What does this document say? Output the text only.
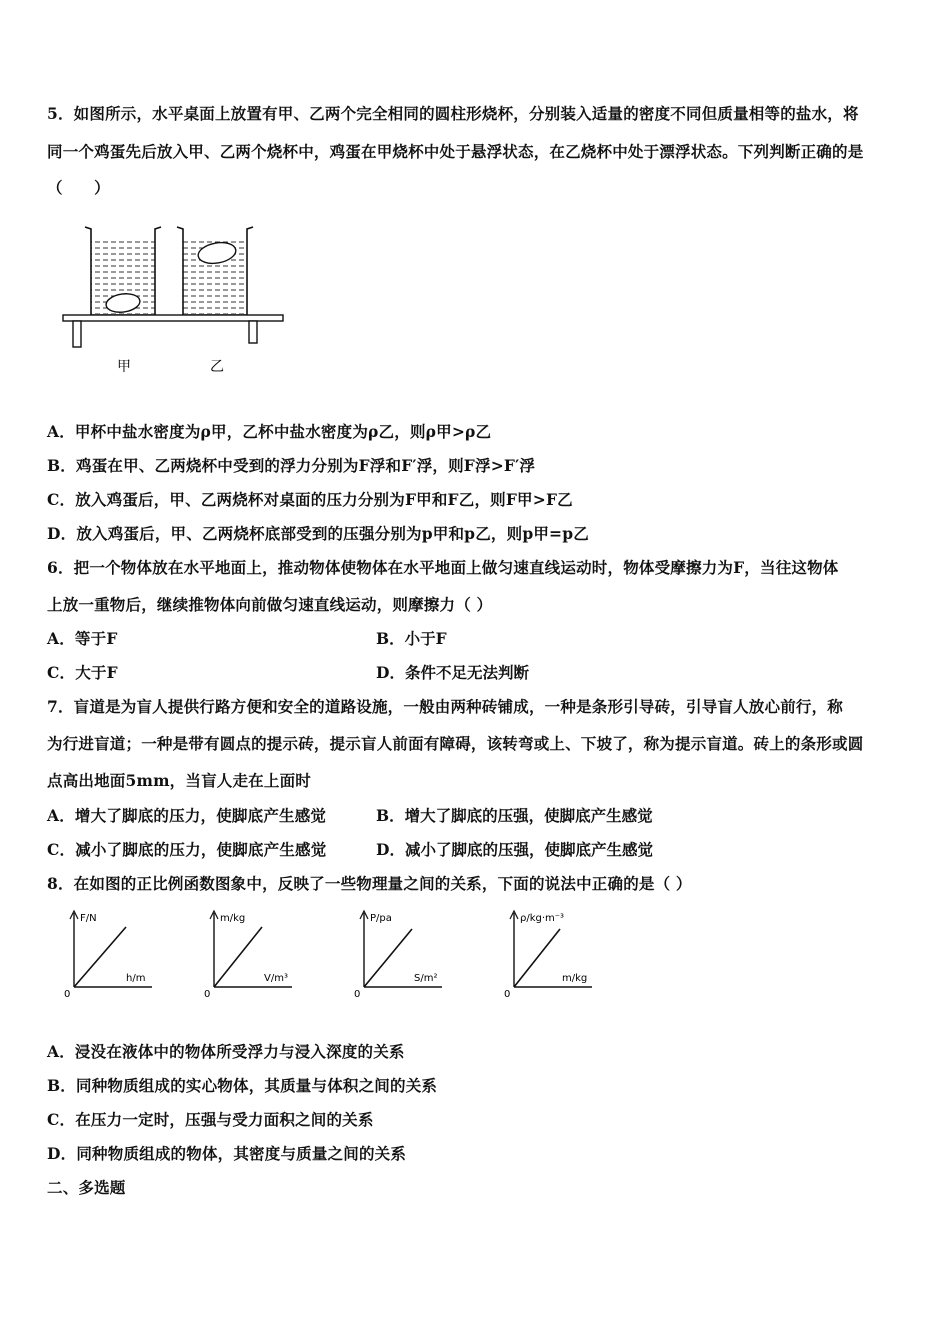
5．如图所示，水平桌面上放置有甲、乙两个完全相同的圆柱形烧杯，分别装入适量的密度不同但质量相等的盐水，将
同一个鸡蛋先后放入甲、乙两个烧杯中，鸡蛋在甲烧杯中处于悬浮状态，在乙烧杯中处于漂浮状态。下列判断正确的是
（　　）
甲	乙
A．甲杯中盐水密度为ρ甲，乙杯中盐水密度为ρ乙，则ρ甲>ρ乙
B．鸡蛋在甲、乙两烧杯中受到的浮力分别为F浮和F′浮，则F浮>F′浮
C．放入鸡蛋后，甲、乙两烧杯对桌面的压力分别为F甲和F乙，则F甲>F乙
D．放入鸡蛋后，甲、乙两烧杯底部受到的压强分别为p甲和p乙，则p甲=p乙
6．把一个物体放在水平地面上，推动物体使物体在水平地面上做匀速直线运动时，物体受摩擦力为F，当往这物体
上放一重物后，继续推物体向前做匀速直线运动，则摩擦力（ ）
A．等于F	B．小于F
C．大于F	D．条件不足无法判断
7．盲道是为盲人提供行路方便和安全的道路设施，一般由两种砖铺成，一种是条形引导砖，引导盲人放心前行，称
为行进盲道；一种是带有圆点的提示砖，提示盲人前面有障碍，该转弯或上、下坡了，称为提示盲道。砖上的条形或圆
点高出地面5mm，当盲人走在上面时
A．增大了脚底的压力，使脚底产生感觉	B．增大了脚底的压强，使脚底产生感觉
C．减小了脚底的压力，使脚底产生感觉	D．减小了脚底的压强，使脚底产生感觉
8．在如图的正比例函数图象中，反映了一些物理量之间的关系，下面的说法中正确的是（ ）
F/N
h/m
0
m/kg
V/m³
0
P/pa
S/m²
0
ρ/kg·m⁻³
m/kg
0
A．浸没在液体中的物体所受浮力与浸入深度的关系
B．同种物质组成的实心物体，其质量与体积之间的关系
C．在压力一定时，压强与受力面积之间的关系
D．同种物质组成的物体，其密度与质量之间的关系
二、多选题
